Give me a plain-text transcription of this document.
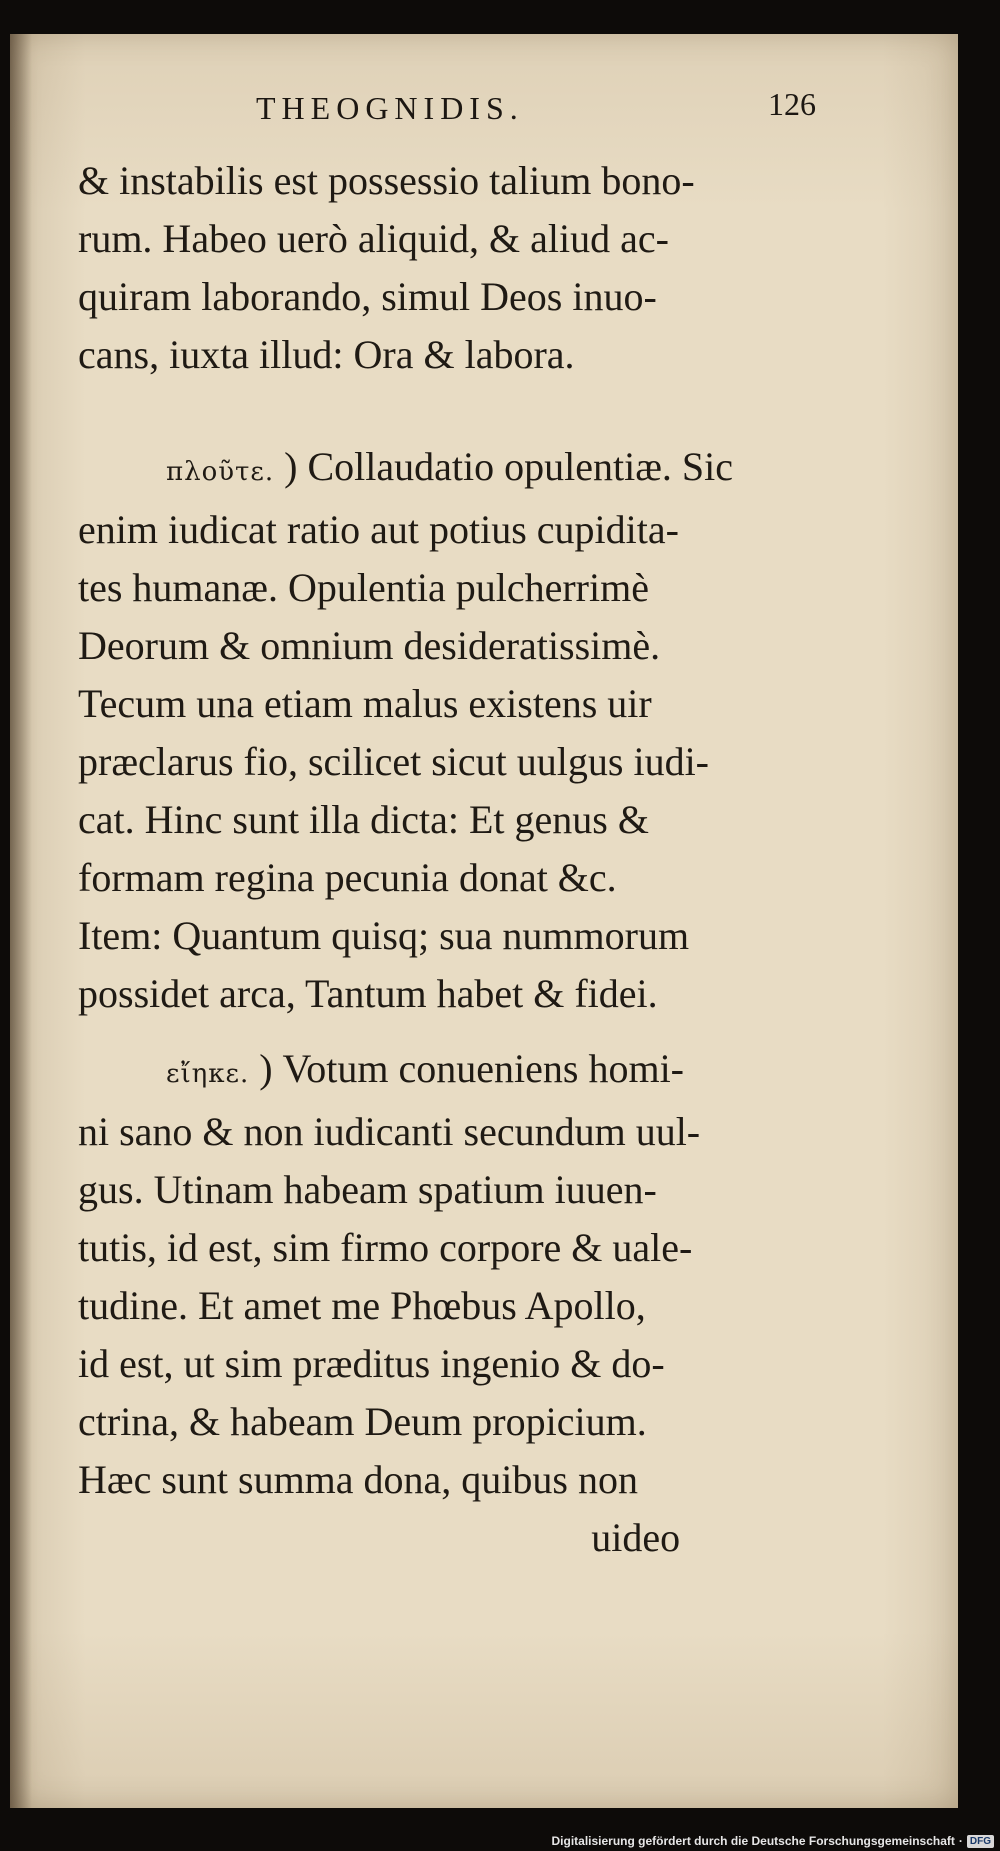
THEOGNIDIS.	126

& instabilis est possessio talium bono-
rum. Habeo uerò aliquid, & aliud ac-
quiram laborando, simul Deos inuo-
cans, iuxta illud: Ora & labora.

πλοῦτε. ) Collaudatio opulentiæ. Sic
enim iudicat ratio aut potius cupidita-
tes humanæ. Opulentia pulcherrimè
Deorum & omnium desideratissimè.
Tecum una etiam malus existens uir
præclarus fio, scilicet sicut uulgus iudi-
cat. Hinc sunt illa dicta: Et genus &
formam regina pecunia donat &c.
Item: Quantum quisq; sua nummorum
possidet arca, Tantum habet & fidei.

εἴηκε. ) Votum conueniens homi-
ni sano & non iudicanti secundum uul-
gus. Utinam habeam spatium iuuen-
tutis, id est, sim firmo corpore & uale-
tudine. Et amet me Phœbus Apollo,
id est, ut sim præditus ingenio & do-
ctrina, & habeam Deum propicium.
Hæc sunt summa dona, quibus non
uideo

Digitalisierung gefördert durch die Deutsche Forschungsgemeinschaft · DFG
